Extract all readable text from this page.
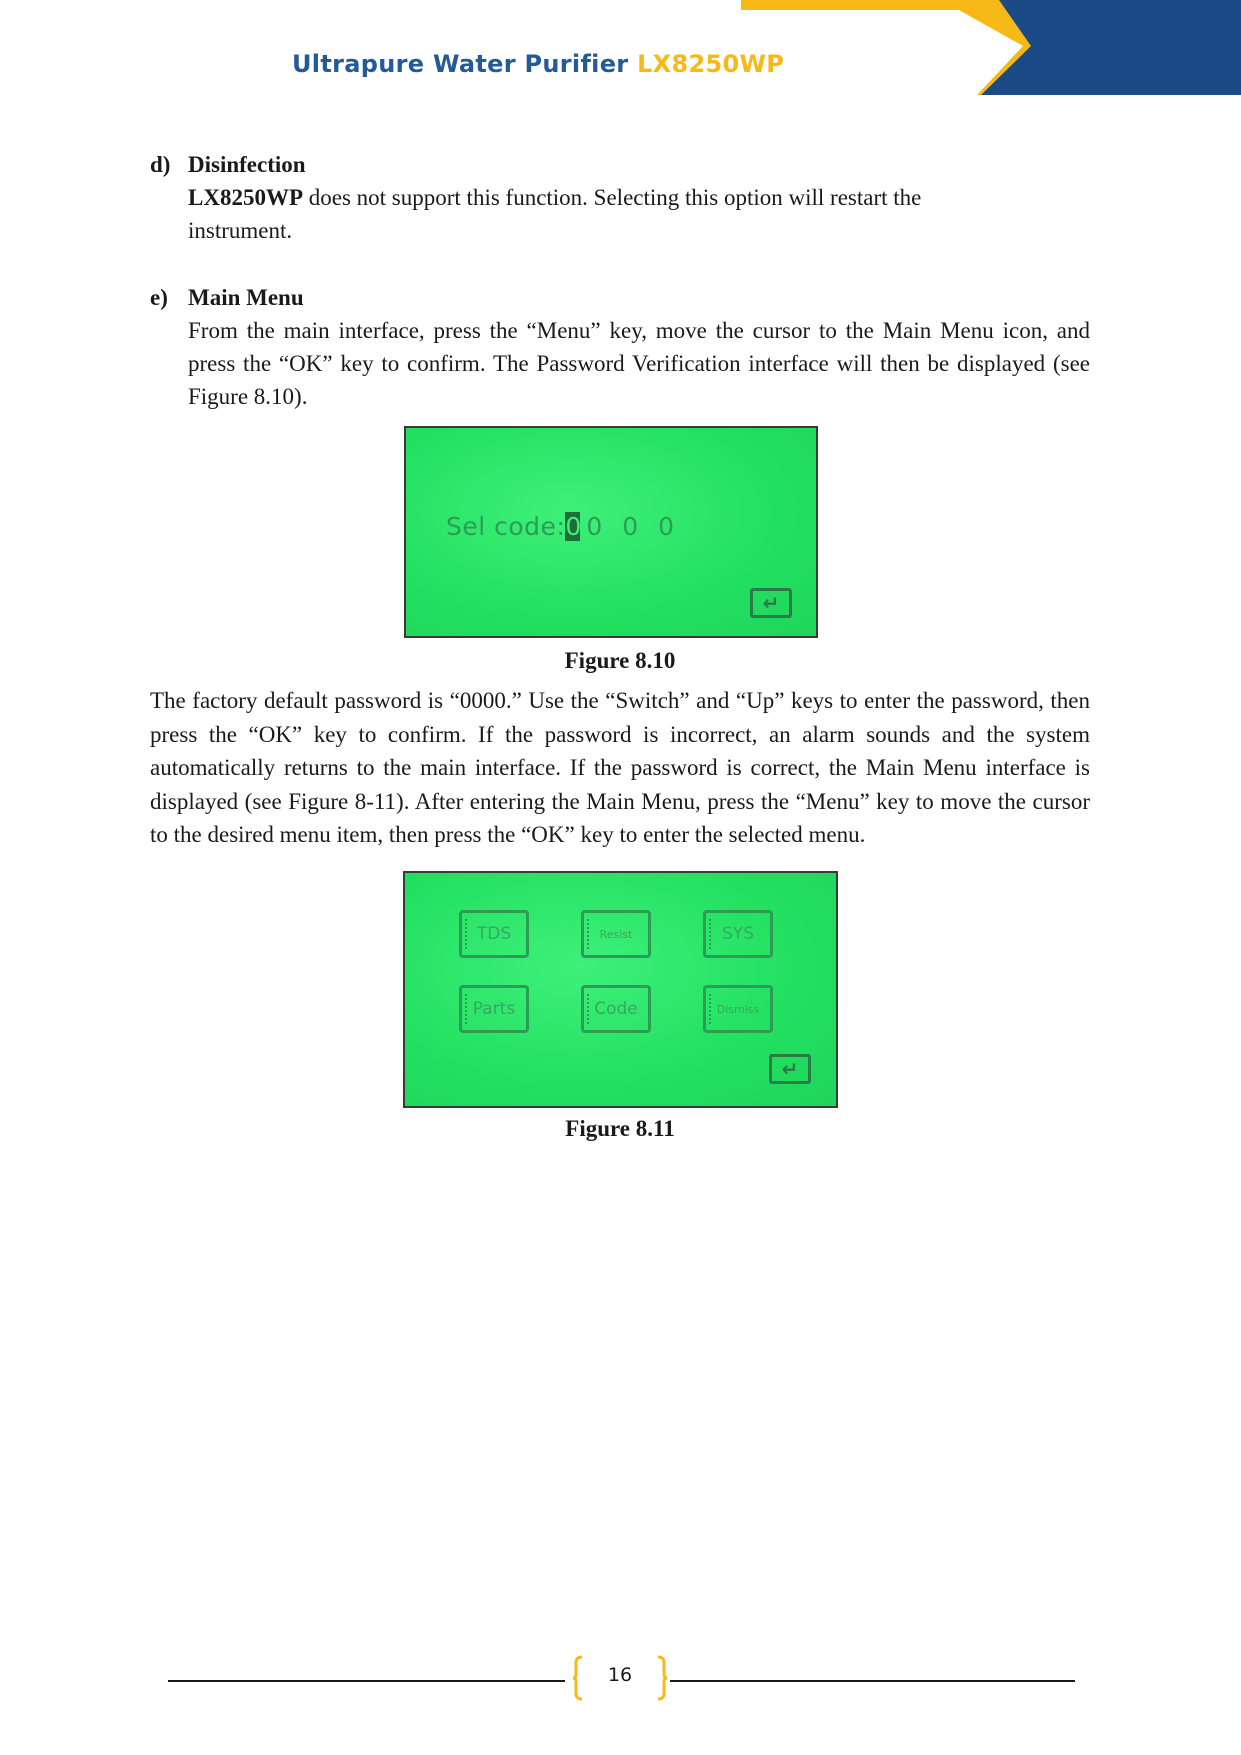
Ultrapure Water Purifier LX8250WP
d) Disinfection
LX8250WP does not support this function. Selecting this option will restart the
instrument.
e) Main Menu
From the main interface, press the “Menu” key, move the cursor to the Main Menu icon, and press the “OK” key to confirm. The Password Verification interface will then be displayed (see Figure 8.10).
Sel code:0 0 0 0
↵
Figure 8.10
The factory default password is “0000.” Use the “Switch” and “Up” keys to enter the password, then press the “OK” key to confirm. If the password is incorrect, an alarm sounds and the system automatically returns to the main interface. If the password is correct, the Main Menu interface is displayed (see Figure 8-11). After entering the Main Menu, press the “Menu” key to move the cursor to the desired menu item, then press the “OK” key to enter the selected menu.
TDS	Resist	SYS
Parts	Code	Dismiss
↵
Figure 8.11
16
